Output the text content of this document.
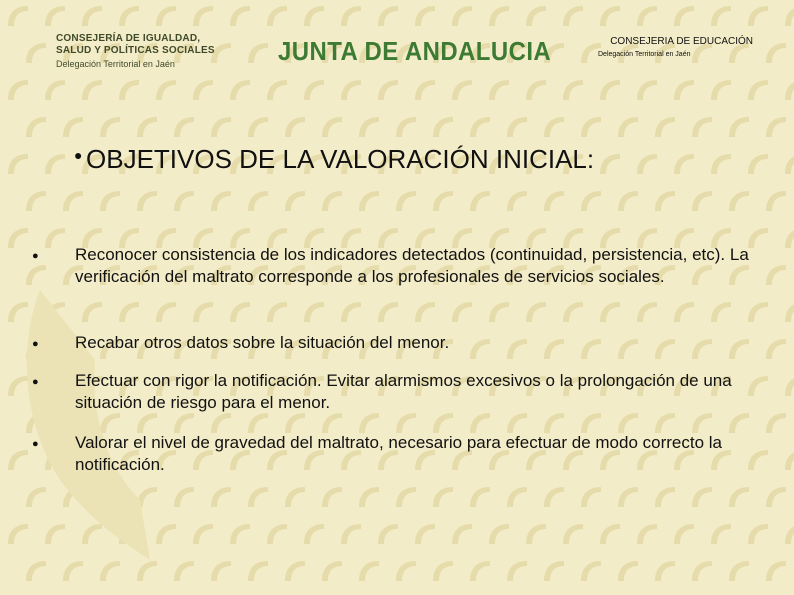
CONSEJERÍA DE IGUALDAD,
SALUD Y POLÍTICAS SOCIALES
Delegación Territorial en Jaén	JUNTA DE ANDALUCIA	CONSEJERIA DE EDUCACIÓN
Delegación Territorial en Jaén
● OBJETIVOS DE LA VALORACIÓN INICIAL:
● Reconocer consistencia de los indicadores detectados (continuidad, persistencia, etc). La verificación del maltrato corresponde a los profesionales de servicios sociales.
● Recabar otros datos sobre la situación del menor.
● Efectuar con rigor la notificación. Evitar alarmismos excesivos o la prolongación de una situación de riesgo para el menor.
● Valorar el nivel de gravedad del maltrato, necesario para efectuar de modo correcto la notificación.
